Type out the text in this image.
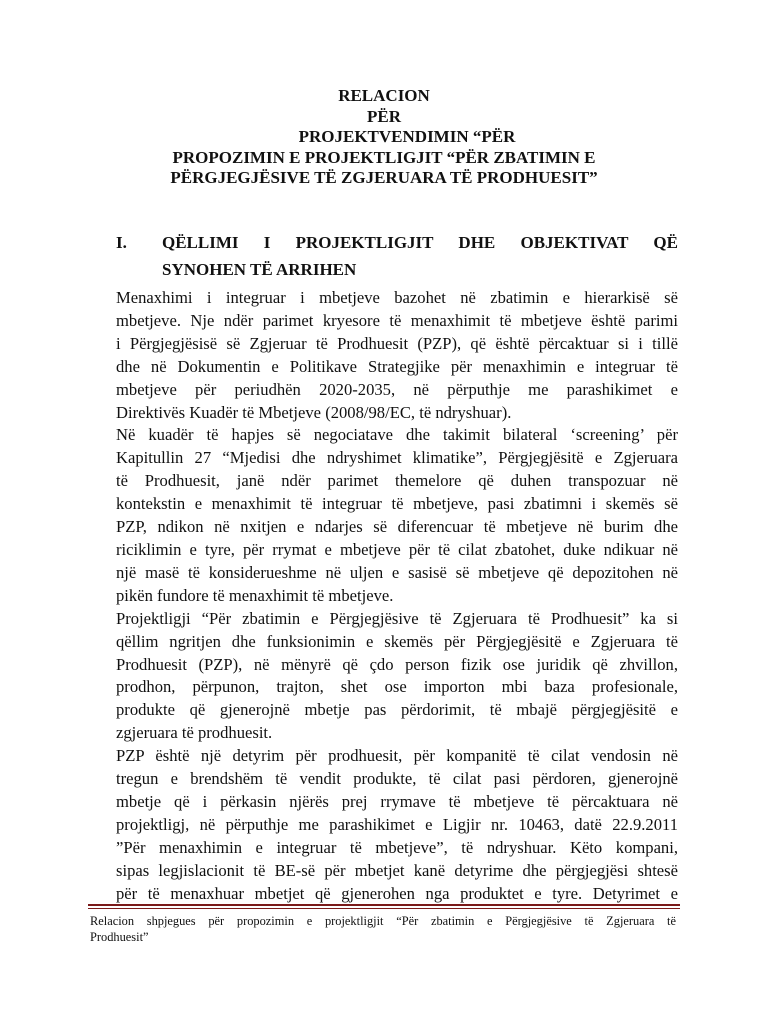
RELACION
PËR
PROJEKTVENDIMIN “PËR
PROPOZIMIN E PROJEKTLIGJIT “PËR ZBATIMIN E
PËRGJEGJËSIVE TË ZGJERUARA TË PRODHUESIT”
I. QËLLIMI I PROJEKTLIGJIT DHE OBJEKTIVAT QË
SYNOHEN TË ARRIHEN
Menaxhimi i integruar i mbetjeve bazohet në zbatimin e hierarkisë së
mbetjeve. Nje ndër parimet kryesore të menaxhimit të mbetjeve është parimi
i Përgjegjësisë së Zgjeruar të Prodhuesit (PZP), që është përcaktuar si i tillë
dhe në Dokumentin e Politikave Strategjike për menaxhimin e integruar të
mbetjeve për periudhën 2020-2035, në përputhje me parashikimet e
Direktivës Kuadër të Mbetjeve (2008/98/EC, të ndryshuar).
Në kuadër të hapjes së negociatave dhe takimit bilateral ‘screening’ për
Kapitullin 27 “Mjedisi dhe ndryshimet klimatike”, Përgjegjësitë e Zgjeruara
të Prodhuesit, janë ndër parimet themelore që duhen transpozuar në
kontekstin e menaxhimit të integruar të mbetjeve, pasi zbatimni i skemës së
PZP, ndikon në nxitjen e ndarjes së diferencuar të mbetjeve në burim dhe
riciklimin e tyre, për rrymat e mbetjeve për të cilat zbatohet, duke ndikuar në
një masë të konsiderueshme në uljen e sasisë së mbetjeve që depozitohen në
pikën fundore të menaxhimit të mbetjeve.
Projektligji “Për zbatimin e Përgjegjësive të Zgjeruara të Prodhuesit” ka si
qëllim ngritjen dhe funksionimin e skemës për Përgjegjësitë e Zgjeruara të
Prodhuesit (PZP), në mënyrë që çdo person fizik ose juridik që zhvillon,
prodhon, përpunon, trajton, shet ose importon mbi baza profesionale,
produkte që gjenerojnë mbetje pas përdorimit, të mbajë përgjegjësitë e
zgjeruara të prodhuesit.
PZP është një detyrim për prodhuesit, për kompanitë të cilat vendosin në
tregun e brendshëm të vendit produkte, të cilat pasi përdoren, gjenerojnë
mbetje që i përkasin njërës prej rrymave të mbetjeve të përcaktuara në
projektligj, në përputhje me parashikimet e Ligjir nr. 10463, datë 22.9.2011
”Për menaxhimin e integruar të mbetjeve”, të ndryshuar. Këto kompani,
sipas legjislacionit të BE-së për mbetjet kanë detyrime dhe përgjegjësi shtesë
për të menaxhuar mbetjet që gjenerohen nga produktet e tyre. Detyrimet e
Relacion shpjegues për propozimin e projektligjit “Për zbatimin e Përgjegjësive të Zgjeruara të
Prodhuesit”
